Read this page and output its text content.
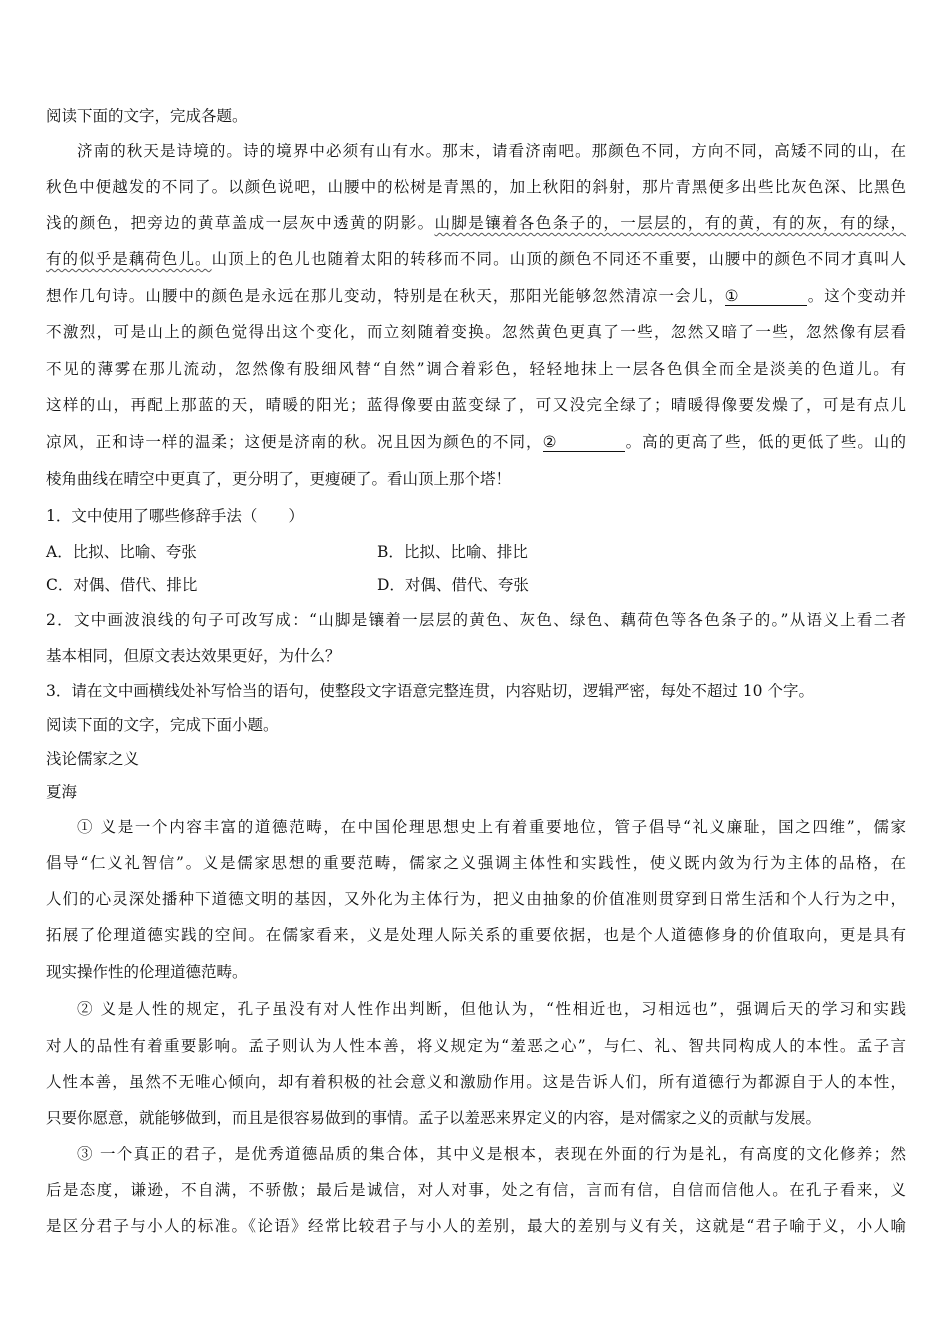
阅读下面的文字，完成各题。
济南的秋天是诗境的。诗的境界中必须有山有水。那末，请看济南吧。那颜色不同，方向不同，高矮不同的山，在
秋色中便越发的不同了。以颜色说吧，山腰中的松树是青黑的，加上秋阳的斜射，那片青黑便多出些比灰色深、比黑色
浅的颜色，把旁边的黄草盖成一层灰中透黄的阴影。山脚是镶着各色条子的，一层层的，有的黄，有的灰，有的绿，
有的似乎是藕荷色儿。山顶上的色儿也随着太阳的转移而不同。山顶的颜色不同还不重要，山腰中的颜色不同才真叫人
想作几句诗。山腰中的颜色是永远在那儿变动，特别是在秋天，那阳光能够忽然清凉一会儿，①	。这个变动并
不激烈，可是山上的颜色觉得出这个变化，而立刻随着变换。忽然黄色更真了一些，忽然又暗了一些，忽然像有层看
不见的薄雾在那儿流动，忽然像有股细风替“自然”调合着彩色，轻轻地抹上一层各色俱全而全是淡美的色道儿。有
这样的山，再配上那蓝的天，晴暖的阳光；蓝得像要由蓝变绿了，可又没完全绿了；晴暖得像要发燥了，可是有点儿
凉风，正和诗一样的温柔；这便是济南的秋。况且因为颜色的不同，②	。高的更高了些，低的更低了些。山的
棱角曲线在晴空中更真了，更分明了，更瘦硬了。看山顶上那个塔！
1．文中使用了哪些修辞手法（　　）
A．比拟、比喻、夸张	B．比拟、比喻、排比
C．对偶、借代、排比	D．对偶、借代、夸张
2．文中画波浪线的句子可改写成：“山脚是镶着一层层的黄色、灰色、绿色、藕荷色等各色条子的。”从语义上看二者
基本相同，但原文表达效果更好，为什么？
3．请在文中画横线处补写恰当的语句，使整段文字语意完整连贯，内容贴切，逻辑严密，每处不超过 10 个字。
阅读下面的文字，完成下面小题。
浅论儒家之义
夏海
① 义是一个内容丰富的道德范畴，在中国伦理思想史上有着重要地位，管子倡导“礼义廉耻，国之四维”，儒家
倡导“仁义礼智信”。义是儒家思想的重要范畴，儒家之义强调主体性和实践性，使义既内敛为行为主体的品格，在
人们的心灵深处播种下道德文明的基因，又外化为主体行为，把义由抽象的价值准则贯穿到日常生活和个人行为之中，
拓展了伦理道德实践的空间。在儒家看来，义是处理人际关系的重要依据，也是个人道德修身的价值取向，更是具有
现实操作性的伦理道德范畴。
② 义是人性的规定，孔子虽没有对人性作出判断，但他认为，“性相近也，习相远也”，强调后天的学习和实践
对人的品性有着重要影响。孟子则认为人性本善，将义规定为“羞恶之心”，与仁、礼、智共同构成人的本性。孟子言
人性本善，虽然不无唯心倾向，却有着积极的社会意义和激励作用。这是告诉人们，所有道德行为都源自于人的本性，
只要你愿意，就能够做到，而且是很容易做到的事情。孟子以羞恶来界定义的内容，是对儒家之义的贡献与发展。
③ 一个真正的君子，是优秀道德品质的集合体，其中义是根本，表现在外面的行为是礼，有高度的文化修养；然
后是态度，谦逊，不自满，不骄傲；最后是诚信，对人对事，处之有信，言而有信，自信而信他人。在孔子看来，义
是区分君子与小人的标准。《论语》经常比较君子与小人的差别，最大的差别与义有关，这就是“君子喻于义，小人喻
